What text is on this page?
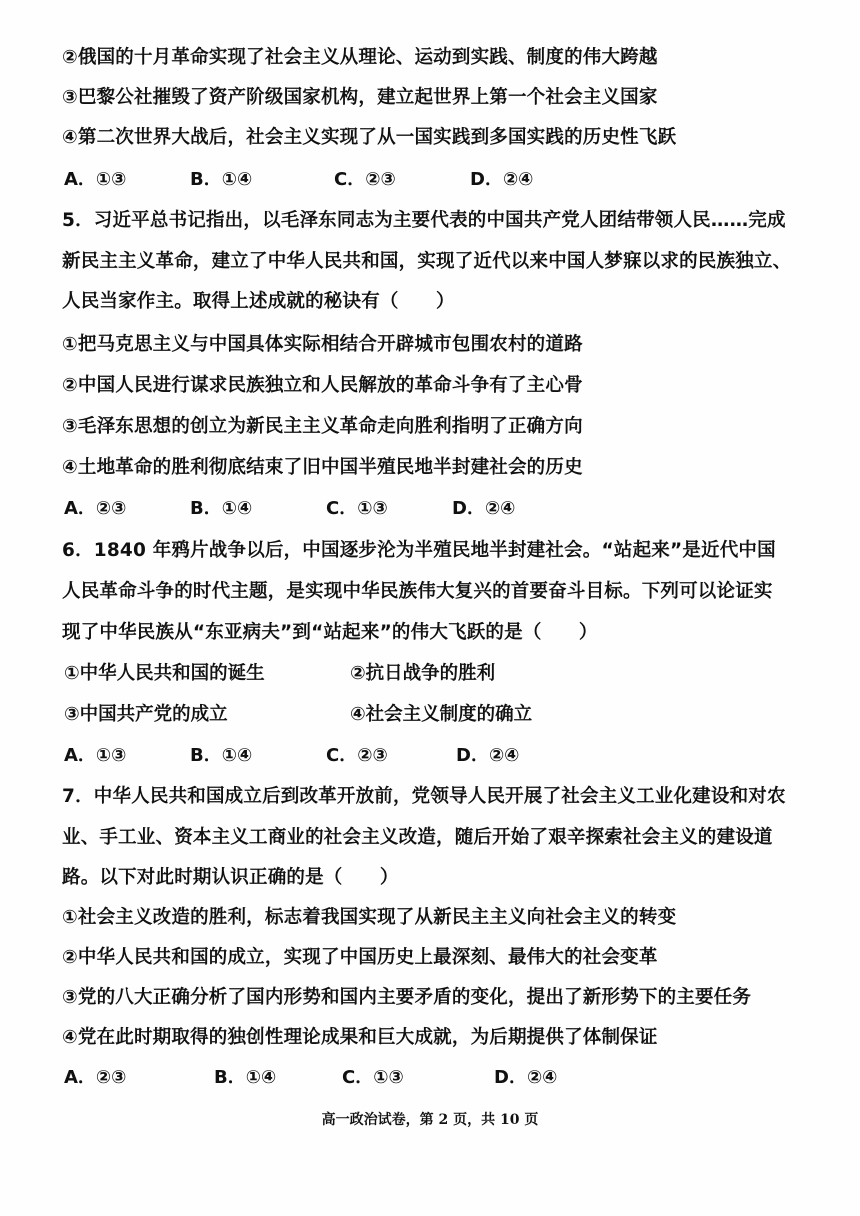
②俄国的十月革命实现了社会主义从理论、运动到实践、制度的伟大跨越
③巴黎公社摧毁了资产阶级国家机构，建立起世界上第一个社会主义国家
④第二次世界大战后，社会主义实现了从一国实践到多国实践的历史性飞跃
A．①③	B．①④	C．②③	D．②④
5．习近平总书记指出，以毛泽东同志为主要代表的中国共产党人团结带领人民……完成
新民主主义革命，建立了中华人民共和国，实现了近代以来中国人梦寐以求的民族独立、
人民当家作主。取得上述成就的秘诀有（　　）
①把马克思主义与中国具体实际相结合开辟城市包围农村的道路
②中国人民进行谋求民族独立和人民解放的革命斗争有了主心骨
③毛泽东思想的创立为新民主主义革命走向胜利指明了正确方向
④土地革命的胜利彻底结束了旧中国半殖民地半封建社会的历史
A．②③	B．①④	C．①③	D．②④
6．1840 年鸦片战争以后，中国逐步沦为半殖民地半封建社会。“站起来”是近代中国
人民革命斗争的时代主题，是实现中华民族伟大复兴的首要奋斗目标。下列可以论证实
现了中华民族从“东亚病夫”到“站起来”的伟大飞跃的是（　　）
①中华人民共和国的诞生	②抗日战争的胜利
③中国共产党的成立	④社会主义制度的确立
A．①③	B．①④	C．②③	D．②④
7．中华人民共和国成立后到改革开放前，党领导人民开展了社会主义工业化建设和对农
业、手工业、资本主义工商业的社会主义改造，随后开始了艰辛探索社会主义的建设道
路。以下对此时期认识正确的是（　　）
①社会主义改造的胜利，标志着我国实现了从新民主主义向社会主义的转变
②中华人民共和国的成立，实现了中国历史上最深刻、最伟大的社会变革
③党的八大正确分析了国内形势和国内主要矛盾的变化，提出了新形势下的主要任务
④党在此时期取得的独创性理论成果和巨大成就，为后期提供了体制保证
A．②③	B．①④	C．①③	D．②④
高一政治试卷，第 2 页，共 10 页
